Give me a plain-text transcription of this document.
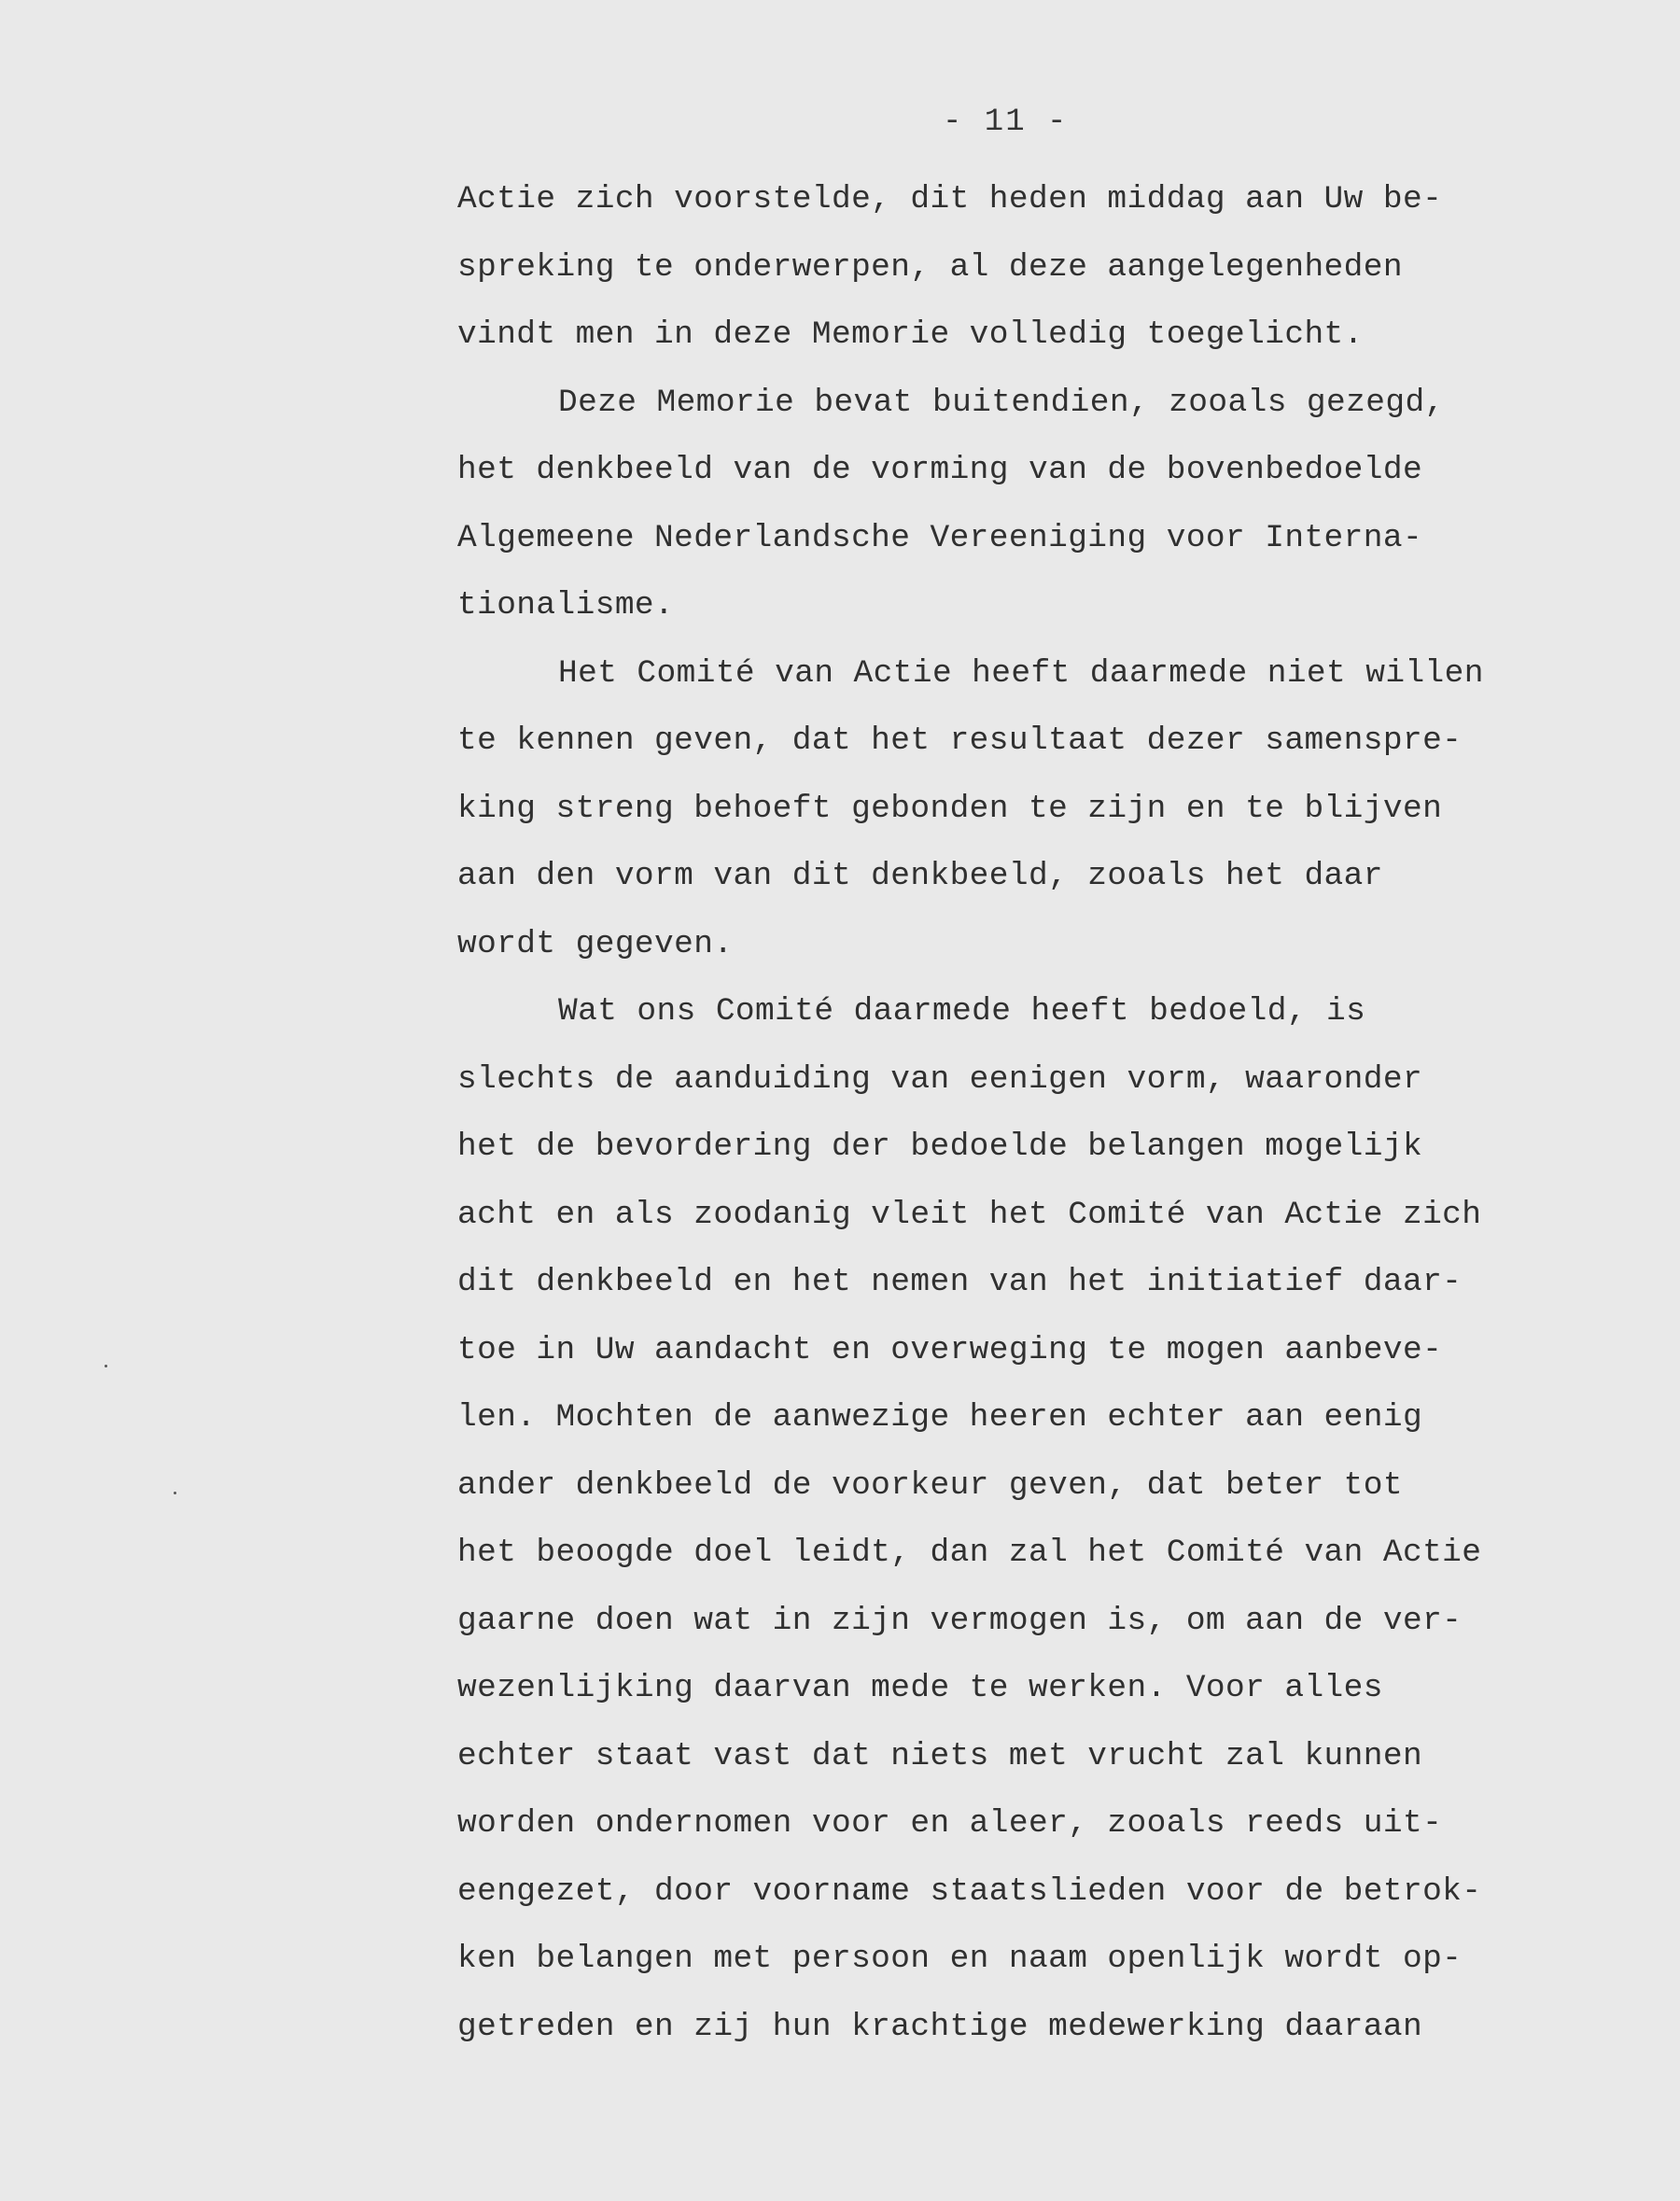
- 11 -
Actie zich voorstelde, dit heden middag aan Uw be-
spreking te onderwerpen, al deze aangelegenheden
vindt men in deze Memorie volledig toegelicht.
Deze Memorie bevat buitendien, zooals gezegd,
het denkbeeld van de vorming van de bovenbedoelde
Algemeene Nederlandsche Vereeniging voor Interna-
tionalisme.
Het Comité van Actie heeft daarmede niet willen
te kennen geven, dat het resultaat dezer samenspre-
king streng behoeft gebonden te zijn en te blijven
aan den vorm van dit denkbeeld, zooals het daar
wordt gegeven.
Wat ons Comité daarmede heeft bedoeld, is
slechts de aanduiding van eenigen vorm, waaronder
het de bevordering der bedoelde belangen mogelijk
acht en als zoodanig vleit het Comité van Actie zich
dit denkbeeld en het nemen van het initiatief daar-
toe in Uw aandacht en overweging te mogen aanbeve-
len. Mochten de aanwezige heeren echter aan eenig
ander denkbeeld de voorkeur geven, dat beter tot
het beoogde doel leidt, dan zal het Comité van Actie
gaarne doen wat in zijn vermogen is, om aan de ver-
wezenlijking daarvan mede te werken. Voor alles
echter staat vast dat niets met vrucht zal kunnen
worden ondernomen voor en aleer, zooals reeds uit-
eengezet, door voorname staatslieden voor de betrok-
ken belangen met persoon en naam openlijk wordt op-
getreden en zij hun krachtige medewerking daaraan
